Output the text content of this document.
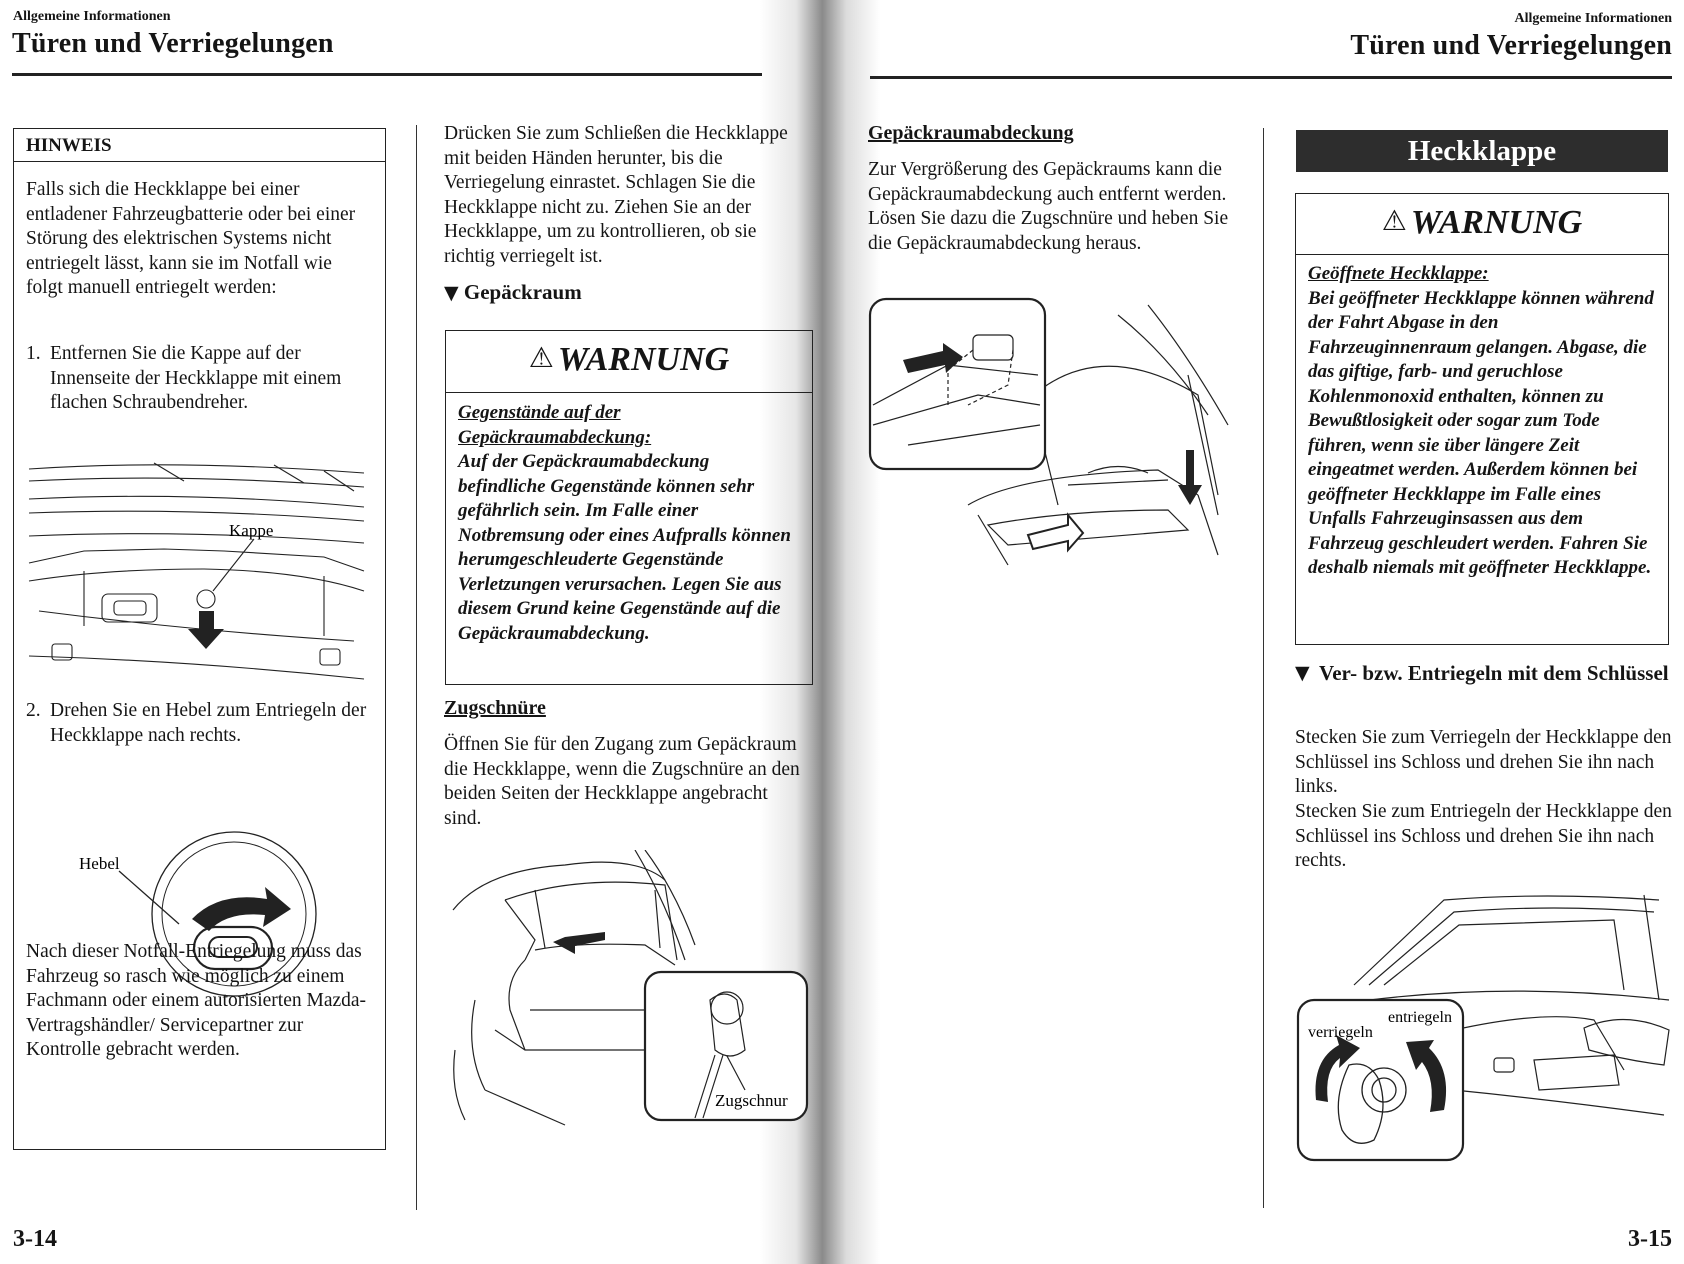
Allgemeine Informationen
Türen und Verriegelungen
HINWEIS
Falls sich die Heckklappe bei einer entladener Fahrzeugbatterie oder bei einer Störung des elektrischen Systems nicht entriegelt lässt, kann sie im Notfall wie folgt manuell entriegelt werden:
1. Entfernen Sie die Kappe auf der Innenseite der Heckklappe mit einem flachen Schraubendreher.
Kappe
2. Drehen Sie en Hebel zum Entriegeln der Heckklappe nach rechts.
Hebel
Nach dieser Notfall-Entriegelung muss das Fahrzeug so rasch wie möglich zu einem Fachmann oder einem autorisierten Mazda-Vertragshändler/ Servicepartner zur Kontrolle gebracht werden.
Drücken Sie zum Schließen die Heckklappe mit beiden Händen herunter, bis die Verriegelung einrastet. Schlagen Sie die Heckklappe nicht zu. Ziehen Sie an der Heckklappe, um zu kontrollieren, ob sie richtig verriegelt ist.
▼ Gepäckraum
⚠ WARNUNG
Gegenstände auf der Gepäckraumabdeckung:
Auf der Gepäckraumabdeckung befindliche Gegenstände können sehr gefährlich sein. Im Falle einer Notbremsung oder eines Aufpralls können herumgeschleuderte Gegenstände Verletzungen verursachen. Legen Sie aus diesem Grund keine Gegenstände auf die Gepäckraumabdeckung.
Zugschnüre
Öffnen Sie für den Zugang zum Gepäckraum die Heckklappe, wenn die Zugschnüre an den beiden Seiten der Heckklappe angebracht sind.
Zugschnur
3-14
Allgemeine Informationen
Türen und Verriegelungen
Gepäckraumabdeckung
Zur Vergrößerung des Gepäckraums kann die Gepäckraumabdeckung auch entfernt werden. Lösen Sie dazu die Zugschnüre und heben Sie die Gepäckraumabdeckung heraus.
Heckklappe
⚠ WARNUNG
Geöffnete Heckklappe:
Bei geöffneter Heckklappe können während der Fahrt Abgase in den Fahrzeuginnenraum gelangen. Abgase, die das giftige, farb- und geruchlose Kohlenmonoxid enthalten, können zu Bewußtlosigkeit oder sogar zum Tode führen, wenn sie über längere Zeit eingeatmet werden. Außerdem können bei geöffneter Heckklappe im Falle eines Unfalls Fahrzeuginsassen aus dem Fahrzeug geschleudert werden. Fahren Sie deshalb niemals mit geöffneter Heckklappe.
▼ Ver- bzw. Entriegeln mit dem Schlüssel
Stecken Sie zum Verriegeln der Heckklappe den Schlüssel ins Schloss und drehen Sie ihn nach links.
Stecken Sie zum Entriegeln der Heckklappe den Schlüssel ins Schloss und drehen Sie ihn nach rechts.
verriegeln
entriegeln
3-15
